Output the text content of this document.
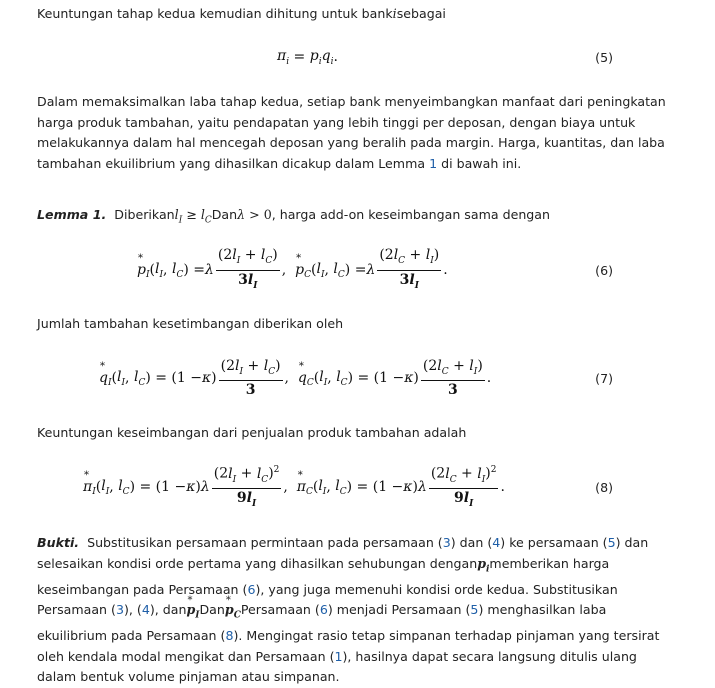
Keuntungan tahap kedua kemudian dihitung untuk bankisebagai

$\pi_i = p_iq_i$ .	(5)

Dalam memaksimalkan laba tahap kedua, setiap bank menyeimbangkan manfaat dari peningkatan harga produk tambahan, yaitu pendapatan yang lebih tinggi per deposan, dengan biaya untuk melakukannya dalam hal mencegah deposan yang beralih pada margin. Harga, kuantitas, dan laba tambahan ekuilibrium yang dihasilkan dicakup dalam Lemma 1 di bawah ini.

Lemma 1. Diberikanl$_I$ ≥ $l_CDan\lambda > 0$, harga add-on keseimbangan sama dengan

* p $_I$ ( $l_I$ , $l_C$ ) = λ $\frac{(2l_I + l_C)}{3l_I}$ , * p $_C$ ( $l_I$ , $l_C$ ) = λ $\frac{(2l_C + l_I)}{3l_I}$ .	(6)

Jumlah tambahan kesetimbangan diberikan oleh

* q $_I$ ( $l_I$ , $l_C$ ) = (1 − κ ) $\frac{(2l_I + l_C)}{3}$ , * q $_C$ ( $l_I$ , $l_C$ ) = (1 − κ ) $\frac{(2l_C + l_I)}{3}$ .	(7)

Keuntungan keseimbangan dari penjualan produk tambahan adalah

* π $_I$ ( $l_I$ , $l_C$ ) = (1 − κ ) λ $\frac{(2l_I + l_C)^2}{9l_I}$ , * π $_C$ ( $l_I$ , $l_C$ ) = (1 − κ ) λ $\frac{(2l_C + l_I)^2}{9l_I}$ .	(8)

Bukti. Substitusikan persamaan permintaan pada persamaan (3) dan (4) ke persamaan (5) dan selesaikan kondisi orde pertama yang dihasilkan sehubungan denganp$_i$memberikan harga keseimbangan pada Persamaan (6), yang juga memenuhi kondisi orde kedua. Substitusikan Persamaan (3), (4), dan* $p_IDan*$ $p_CPersamaan$ (6) menjadi Persamaan (5) menghasilkan laba ekuilibrium pada Persamaan (8). Mengingat rasio tetap simpanan terhadap pinjaman yang tersirat oleh kendala modal mengikat dan Persamaan (1), hasilnya dapat secara langsung ditulis ulang dalam bentuk volume pinjaman atau simpanan.
